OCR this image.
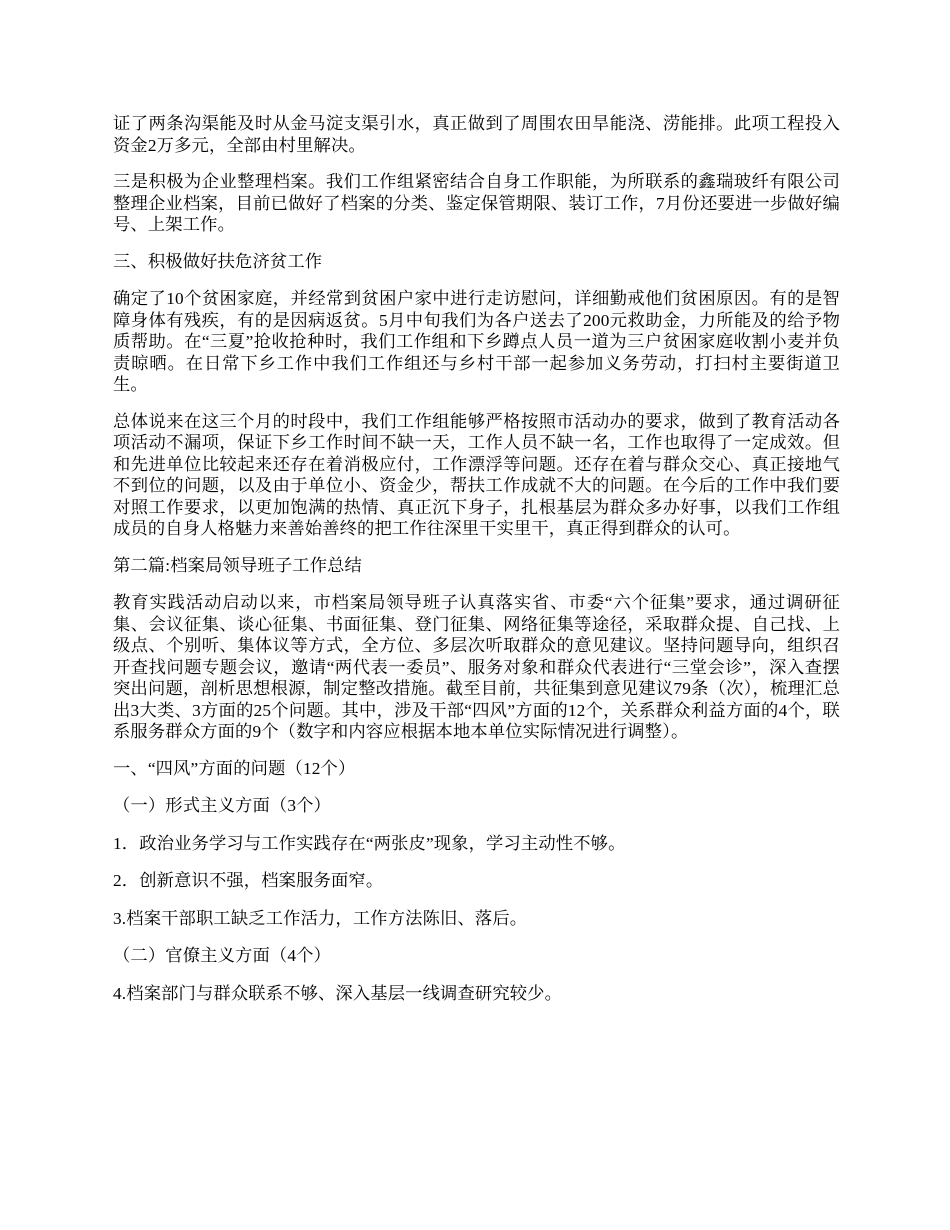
证了两条沟渠能及时从金马淀支渠引水，真正做到了周围农田旱能浇、涝能排。此项工程投入资金2万多元，全部由村里解决。

三是积极为企业整理档案。我们工作组紧密结合自身工作职能，为所联系的鑫瑞玻纤有限公司整理企业档案，目前已做好了档案的分类、鉴定保管期限、装订工作，7月份还要进一步做好编号、上架工作。

三、积极做好扶危济贫工作

确定了10个贫困家庭，并经常到贫困户家中进行走访慰问，详细勤戒他们贫困原因。有的是智障身体有残疾，有的是因病返贫。5月中旬我们为各户送去了200元救助金，力所能及的给予物质帮助。在“三夏”抢收抢种时，我们工作组和下乡蹲点人员一道为三户贫困家庭收割小麦并负责晾晒。在日常下乡工作中我们工作组还与乡村干部一起参加义务劳动，打扫村主要街道卫生。

总体说来在这三个月的时段中，我们工作组能够严格按照市活动办的要求，做到了教育活动各项活动不漏项，保证下乡工作时间不缺一天，工作人员不缺一名，工作也取得了一定成效。但和先进单位比较起来还存在着消极应付，工作漂浮等问题。还存在着与群众交心、真正接地气不到位的问题，以及由于单位小、资金少，帮扶工作成就不大的问题。在今后的工作中我们要对照工作要求，以更加饱满的热情、真正沉下身子，扎根基层为群众多办好事，以我们工作组成员的自身人格魅力来善始善终的把工作往深里干实里干，真正得到群众的认可。

第二篇:档案局领导班子工作总结

教育实践活动启动以来，市档案局领导班子认真落实省、市委“六个征集”要求，通过调研征集、会议征集、谈心征集、书面征集、登门征集、网络征集等途径，采取群众提、自己找、上级点、个别听、集体议等方式，全方位、多层次听取群众的意见建议。坚持问题导向，组织召开查找问题专题会议，邀请“两代表一委员”、服务对象和群众代表进行“三堂会诊”，深入查摆突出问题，剖析思想根源，制定整改措施。截至目前，共征集到意见建议79条（次），梳理汇总出3大类、3方面的25个问题。其中，涉及干部“四风”方面的12个，关系群众利益方面的4个，联系服务群众方面的9个（数字和内容应根据本地本单位实际情况进行调整）。

一、“四风”方面的问题（12个）

（一）形式主义方面（3个）

1．政治业务学习与工作实践存在“两张皮”现象，学习主动性不够。

2．创新意识不强，档案服务面窄。

3.档案干部职工缺乏工作活力，工作方法陈旧、落后。

（二）官僚主义方面（4个）

4.档案部门与群众联系不够、深入基层一线调查研究较少。
